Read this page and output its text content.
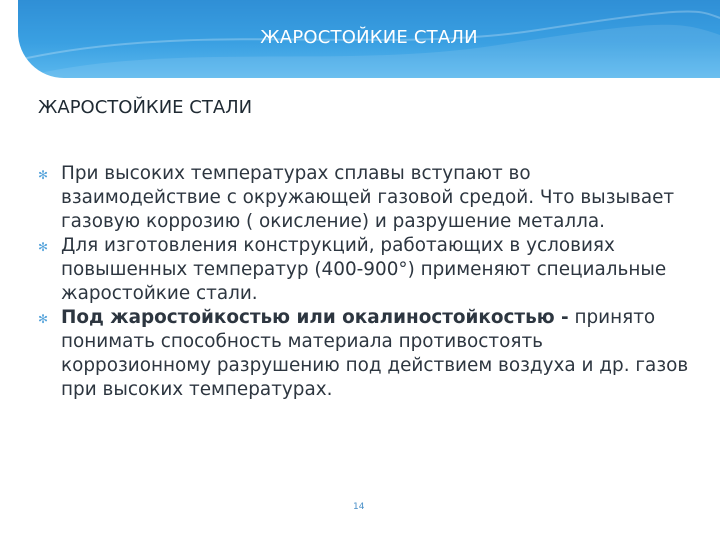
ЖАРОСТОЙКИЕ СТАЛИ
ЖАРОСТОЙКИЕ СТАЛИ
✻ При высоких температурах сплавы вступают во взаимодействие с окружающей газовой средой. Что вызывает газовую коррозию ( окисление) и разрушение металла.
✻ Для изготовления конструкций, работающих в условиях повышенных температур (400-900°) применяют специальные жаростойкие стали.
✻ Под жаростойкостью или окалиностойкостью - принято понимать способность материала противостоять коррозионному разрушению под действием воздуха и др. газов при высоких температурах.
14
